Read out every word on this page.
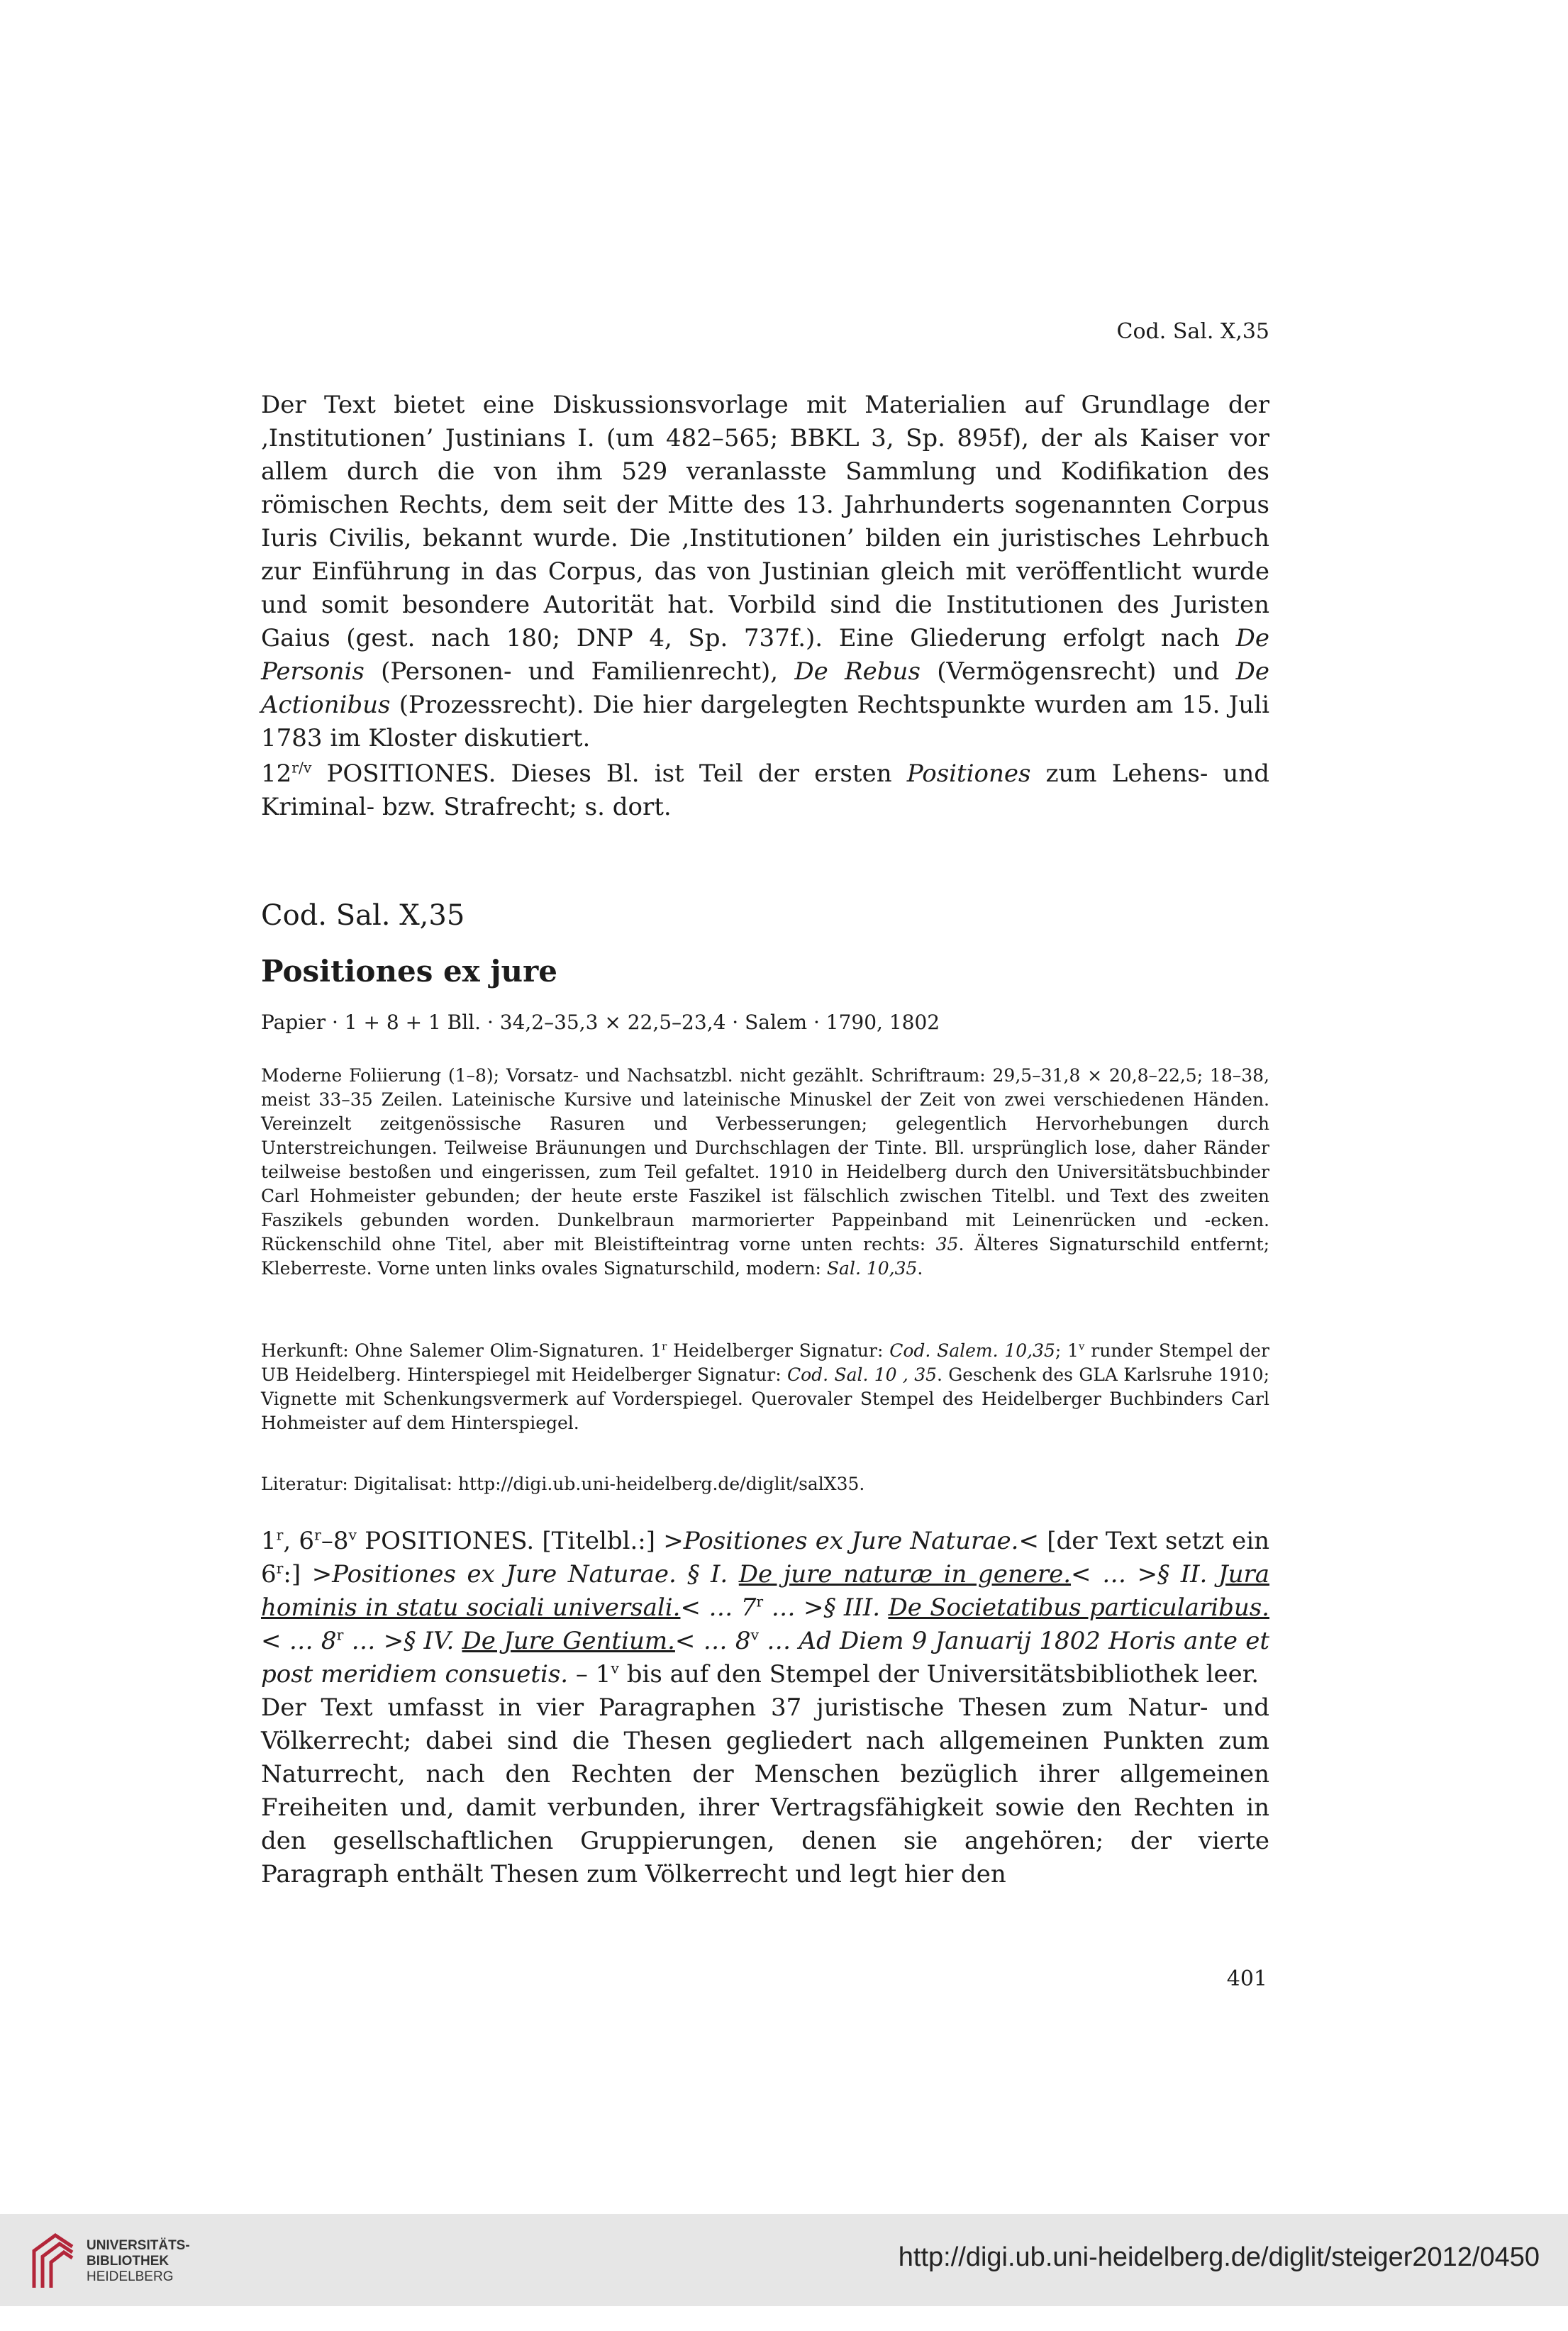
Cod. Sal. X,35

Der Text bietet eine Diskussionsvorlage mit Materialien auf Grundlage der ‚Institutionen’ Justinians I. (um 482–565; BBKL 3, Sp. 895f), der als Kaiser vor allem durch die von ihm 529 veranlasste Sammlung und Kodifikation des römischen Rechts, dem seit der Mitte des 13. Jahrhunderts sogenannten Corpus Iuris Civilis, bekannt wurde. Die ‚Institutionen’ bilden ein juristisches Lehrbuch zur Einführung in das Corpus, das von Justinian gleich mit veröffentlicht wurde und somit besondere Autorität hat. Vorbild sind die Institutionen des Juristen Gaius (gest. nach 180; DNP 4, Sp. 737f.). Eine Gliederung erfolgt nach De Personis (Personen- und Familienrecht), De Rebus (Vermögensrecht) und De Actionibus (Prozessrecht). Die hier dargelegten Rechtspunkte wurden am 15. Juli 1783 im Kloster diskutiert.

$12^{r/v}$ POSITIONES. Dieses Bl. ist Teil der ersten Positiones zum Lehens- und Kriminal- bzw. Strafrecht; s. dort.

Cod. Sal. X,35

Positiones ex jure

Papier · 1 + 8 + 1 Bll. · 34,2–35,3 × 22,5–23,4 · Salem · 1790, 1802

Moderne Foliierung (1–8); Vorsatz- und Nachsatzbl. nicht gezählt. Schriftraum: 29,5–31,8 × 20,8–22,5; 18–38, meist 33–35 Zeilen. Lateinische Kursive und lateinische Minuskel der Zeit von zwei verschiedenen Händen. Vereinzelt zeitgenössische Rasuren und Verbesserungen; gelegentlich Hervorhebungen durch Unterstreichungen. Teilweise Bräunungen und Durchschlagen der Tinte. Bll. ursprünglich lose, daher Ränder teilweise bestoßen und eingerissen, zum Teil gefaltet. 1910 in Heidelberg durch den Universitätsbuchbinder Carl Hohmeister gebunden; der heute erste Faszikel ist fälschlich zwischen Titelbl. und Text des zweiten Faszikels gebunden worden. Dunkelbraun marmorierter Pappeinband mit Leinenrücken und -ecken. Rückenschild ohne Titel, aber mit Bleistifteintrag vorne unten rechts: 35. Älteres Signaturschild entfernt; Kleberreste. Vorne unten links ovales Signaturschild, modern: Sal. 10,35.

Herkunft: Ohne Salemer Olim-Signaturen. 1$^r$ Heidelberger Signatur: Cod. Salem. 10,35; 1$^v$ runder Stempel der UB Heidelberg. Hinterspiegel mit Heidelberger Signatur: Cod. Sal. 10 , 35. Geschenk des GLA Karlsruhe 1910; Vignette mit Schenkungsvermerk auf Vorderspiegel. Querovaler Stempel des Heidelberger Buchbinders Carl Hohmeister auf dem Hinterspiegel.

Literatur: Digitalisat: http://digi.ub.uni-heidelberg.de/diglit/salX35.

1$^r$, 6$^r$–8$^v$ POSITIONES. [Titelbl.:] >Positiones ex Jure Naturae.< [der Text setzt ein $6^r$:] >Positiones ex Jure Naturae. § I. De jure naturæ in genere.< … >§ II. Jura hominis in statu sociali universali.< … 7$^r$ … >§ III. De Societatibus particularibus.< … 8$^r$ … >§ IV. De Jure Gentium.< … 8$^v$ … Ad Diem 9 Januarij 1802 Horis ante et post meridiem consuetis. – 1$^v$ bis auf den Stempel der Universitätsbibliothek leer.

Der Text umfasst in vier Paragraphen 37 juristische Thesen zum Natur- und Völkerrecht; dabei sind die Thesen gegliedert nach allgemeinen Punkten zum Naturrecht, nach den Rechten der Menschen bezüglich ihrer allgemeinen Freiheiten und, damit verbunden, ihrer Vertragsfähigkeit sowie den Rechten in den gesellschaftlichen Gruppierungen, denen sie angehören; der vierte Paragraph enthält Thesen zum Völkerrecht und legt hier den

401
UNIVERSITÄTS-
BIBLIOTHEK
HEIDELBERG
http://digi.ub.uni-heidelberg.de/diglit/steiger2012/0450
